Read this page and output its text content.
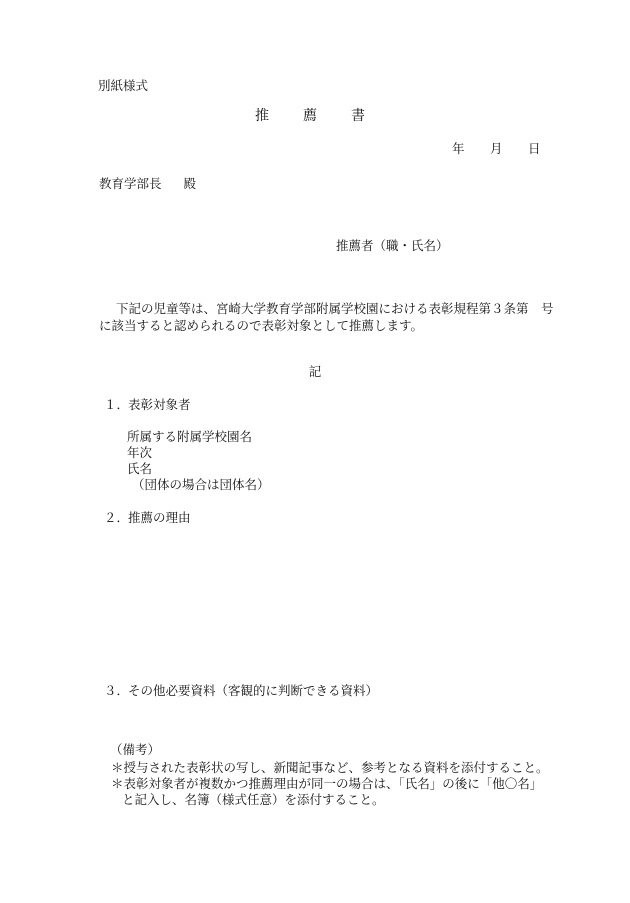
別紙様式
推　薦　書
年 月 日
教育学部長 殿
推薦者（職・氏名）
下記の児童等は、宮崎大学教育学部附属学校園における表彰規程第３条第　号
に該当すると認められるので表彰対象として推薦します。
記
１．表彰対象者
所属する附属学校園名
年次
氏名
（団体の場合は団体名）
２．推薦の理由
３．その他必要資料（客観的に判断できる資料）
（備考）
＊授与された表彰状の写し、新聞記事など、参考となる資料を添付すること。
＊表彰対象者が複数かつ推薦理由が同一の場合は、「氏名」の後に「他〇名」
と記入し、名簿（様式任意）を添付すること。
